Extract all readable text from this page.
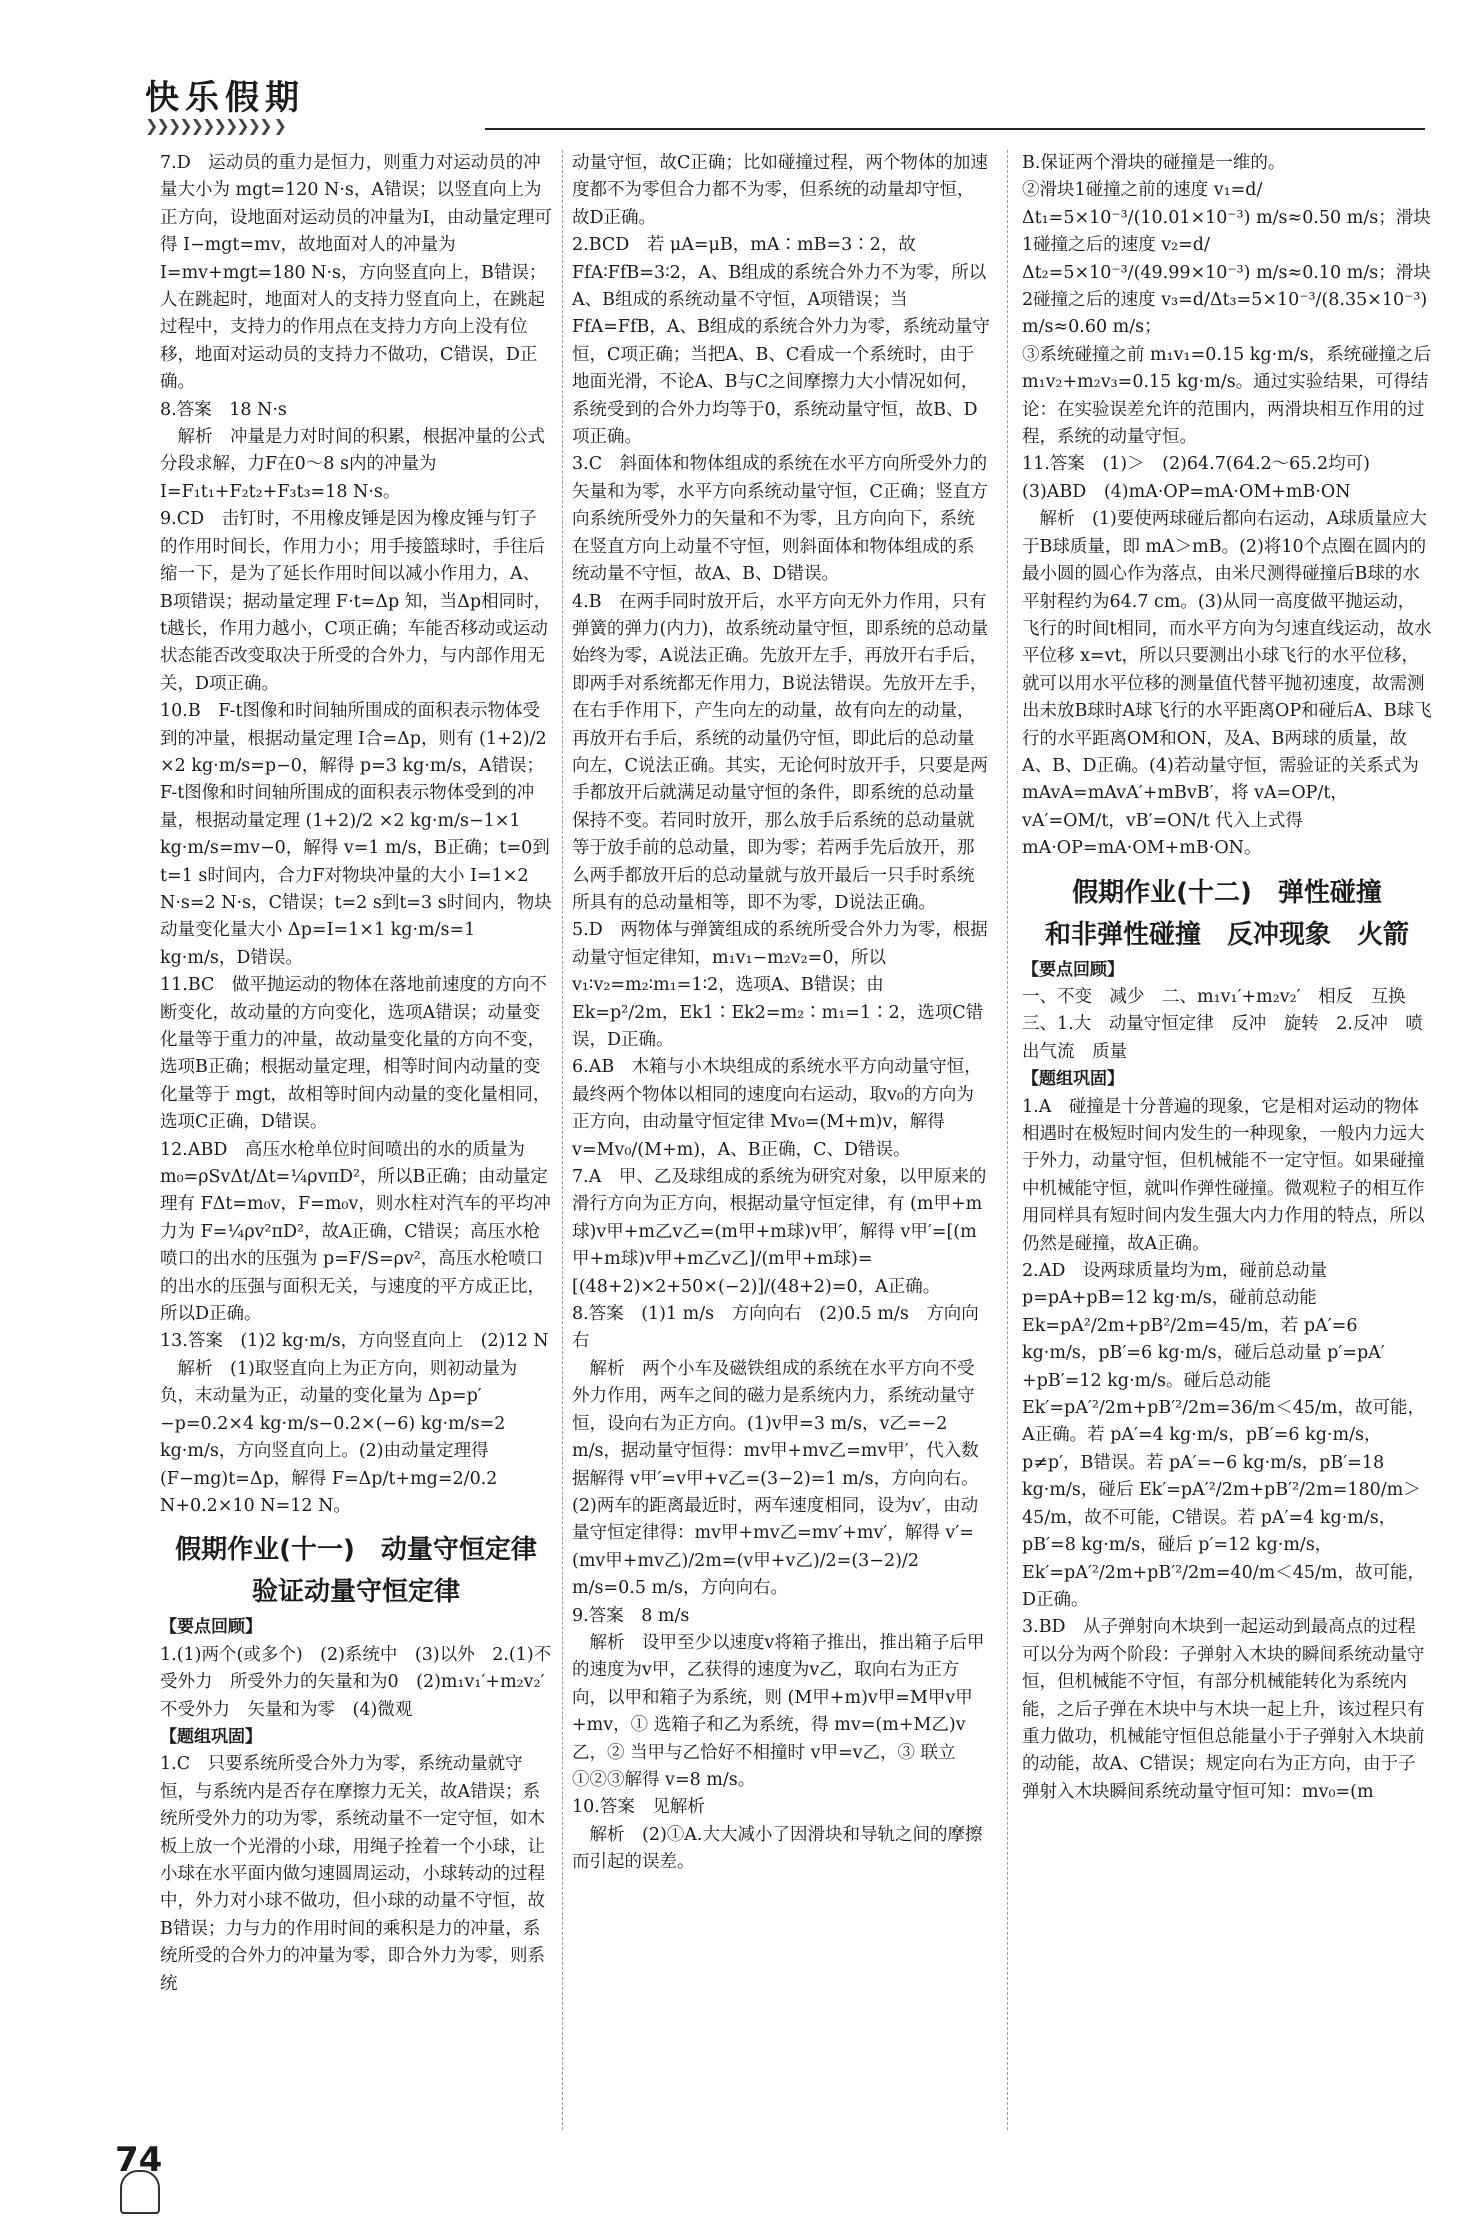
快乐假期
❯❯❯❯❯❯❯❯❯❯❯ ❯

7.D　运动员的重力是恒力，则重力对运动员的冲量大小为 mgt=120 N·s，A错误；以竖直向上为正方向，设地面对运动员的冲量为I，由动量定理可得 I−mgt=mv，故地面对人的冲量为 I=mv+mgt=180 N·s，方向竖直向上，B错误；人在跳起时，地面对人的支持力竖直向上，在跳起过程中，支持力的作用点在支持力方向上没有位移，地面对运动员的支持力不做功，C错误，D正确。

8.答案　18 N·s

　解析　冲量是力对时间的积累，根据冲量的公式分段求解，力F在0～8 s内的冲量为 I=F₁t₁+F₂t₂+F₃t₃=18 N·s。

9.CD　击钉时，不用橡皮锤是因为橡皮锤与钉子的作用时间长，作用力小；用手接篮球时，手往后缩一下，是为了延长作用时间以减小作用力，A、B项错误；据动量定理 F·t=Δp 知，当Δp相同时，t越长，作用力越小，C项正确；车能否移动或运动状态能否改变取决于所受的合外力，与内部作用无关，D项正确。

10.B　F-t图像和时间轴所围成的面积表示物体受到的冲量，根据动量定理 I合=Δp，则有 (1+2)/2 ×2 kg·m/s=p−0，解得 p=3 kg·m/s，A错误；F-t图像和时间轴所围成的面积表示物体受到的冲量，根据动量定理 (1+2)/2 ×2 kg·m/s−1×1 kg·m/s=mv−0，解得 v=1 m/s，B正确；t=0到t=1 s时间内，合力F对物块冲量的大小 I=1×2 N·s=2 N·s，C错误；t=2 s到t=3 s时间内，物块动量变化量大小 Δp=I=1×1 kg·m/s=1 kg·m/s，D错误。

11.BC　做平抛运动的物体在落地前速度的方向不断变化，故动量的方向变化，选项A错误；动量变化量等于重力的冲量，故动量变化量的方向不变，选项B正确；根据动量定理，相等时间内动量的变化量等于 mgt，故相等时间内动量的变化量相同，选项C正确，D错误。

12.ABD　高压水枪单位时间喷出的水的质量为 m₀=ρSvΔt/Δt=¼ρvπD²，所以B正确；由动量定理有 FΔt=m₀v，F=m₀v，则水柱对汽车的平均冲力为 F=¼ρv²πD²，故A正确，C错误；高压水枪喷口的出水的压强为 p=F/S=ρv²，高压水枪喷口的出水的压强与面积无关，与速度的平方成正比，所以D正确。

13.答案　(1)2 kg·m/s，方向竖直向上　(2)12 N

　解析　(1)取竖直向上为正方向，则初动量为负，末动量为正，动量的变化量为 Δp=p′−p=0.2×4 kg·m/s−0.2×(−6) kg·m/s=2 kg·m/s，方向竖直向上。(2)由动量定理得 (F−mg)t=Δp，解得 F=Δp/t+mg=2/0.2 N+0.2×10 N=12 N。

假期作业(十一)　动量守恒定律
验证动量守恒定律

【要点回顾】

1.(1)两个(或多个)　(2)系统中　(3)以外　2.(1)不受外力　所受外力的矢量和为0　(2)m₁v₁′+m₂v₂′　不受外力　矢量和为零　(4)微观

【题组巩固】

1.C　只要系统所受合外力为零，系统动量就守恒，与系统内是否存在摩擦力无关，故A错误；系统所受外力的功为零，系统动量不一定守恒，如木板上放一个光滑的小球，用绳子拴着一个小球，让小球在水平面内做匀速圆周运动，小球转动的过程中，外力对小球不做功，但小球的动量不守恒，故B错误；力与力的作用时间的乘积是力的冲量，系统所受的合外力的冲量为零，即合外力为零，则系统

动量守恒，故C正确；比如碰撞过程，两个物体的加速度都不为零但合力都不为零，但系统的动量却守恒，故D正确。

2.BCD　若 μA=μB，mA∶mB=3∶2，故 FfA∶FfB=3∶2，A、B组成的系统合外力不为零，所以A、B组成的系统动量不守恒，A项错误；当 FfA=FfB，A、B组成的系统合外力为零，系统动量守恒，C项正确；当把A、B、C看成一个系统时，由于地面光滑，不论A、B与C之间摩擦力大小情况如何，系统受到的合外力均等于0，系统动量守恒，故B、D项正确。

3.C　斜面体和物体组成的系统在水平方向所受外力的矢量和为零，水平方向系统动量守恒，C正确；竖直方向系统所受外力的矢量和不为零，且方向向下，系统在竖直方向上动量不守恒，则斜面体和物体组成的系统动量不守恒，故A、B、D错误。

4.B　在两手同时放开后，水平方向无外力作用，只有弹簧的弹力(内力)，故系统动量守恒，即系统的总动量始终为零，A说法正确。先放开左手，再放开右手后，即两手对系统都无作用力，B说法错误。先放开左手，在右手作用下，产生向左的动量，故有向左的动量，再放开右手后，系统的动量仍守恒，即此后的总动量向左，C说法正确。其实，无论何时放开手，只要是两手都放开后就满足动量守恒的条件，即系统的总动量保持不变。若同时放开，那么放手后系统的总动量就等于放手前的总动量，即为零；若两手先后放开，那么两手都放开后的总动量就与放开最后一只手时系统所具有的总动量相等，即不为零，D说法正确。

5.D　两物体与弹簧组成的系统所受合外力为零，根据动量守恒定律知，m₁v₁−m₂v₂=0，所以 v₁∶v₂=m₂∶m₁=1∶2，选项A、B错误；由 Ek=p²/2m，Ek1∶Ek2=m₂∶m₁=1∶2，选项C错误，D正确。

6.AB　木箱与小木块组成的系统水平方向动量守恒，最终两个物体以相同的速度向右运动，取v₀的方向为正方向，由动量守恒定律 Mv₀=(M+m)v，解得 v=Mv₀/(M+m)，A、B正确，C、D错误。

7.A　甲、乙及球组成的系统为研究对象，以甲原来的滑行方向为正方向，根据动量守恒定律，有 (m甲+m球)v甲+m乙v乙=(m甲+m球)v甲′，解得 v甲′=[(m甲+m球)v甲+m乙v乙]/(m甲+m球)=[(48+2)×2+50×(−2)]/(48+2)=0，A正确。

8.答案　(1)1 m/s　方向向右　(2)0.5 m/s　方向向右

　解析　两个小车及磁铁组成的系统在水平方向不受外力作用，两车之间的磁力是系统内力，系统动量守恒，设向右为正方向。(1)v甲=3 m/s，v乙=−2 m/s，据动量守恒得：mv甲+mv乙=mv甲′，代入数据解得 v甲′=v甲+v乙=(3−2)=1 m/s，方向向右。(2)两车的距离最近时，两车速度相同，设为v′，由动量守恒定律得：mv甲+mv乙=mv′+mv′，解得 v′=(mv甲+mv乙)/2m=(v甲+v乙)/2=(3−2)/2 m/s=0.5 m/s，方向向右。

9.答案　8 m/s

　解析　设甲至少以速度v将箱子推出，推出箱子后甲的速度为v甲，乙获得的速度为v乙，取向右为正方向，以甲和箱子为系统，则 (M甲+m)v甲=M甲v甲+mv，① 选箱子和乙为系统，得 mv=(m+M乙)v乙，② 当甲与乙恰好不相撞时 v甲=v乙，③ 联立①②③解得 v=8 m/s。

10.答案　见解析

　解析　(2)①A.大大减小了因滑块和导轨之间的摩擦而引起的误差。

B.保证两个滑块的碰撞是一维的。

②滑块1碰撞之前的速度 v₁=d/Δt₁=5×10⁻³/(10.01×10⁻³) m/s≈0.50 m/s；滑块1碰撞之后的速度 v₂=d/Δt₂=5×10⁻³/(49.99×10⁻³) m/s≈0.10 m/s；滑块2碰撞之后的速度 v₃=d/Δt₃=5×10⁻³/(8.35×10⁻³) m/s≈0.60 m/s；

③系统碰撞之前 m₁v₁=0.15 kg·m/s，系统碰撞之后 m₁v₂+m₂v₃=0.15 kg·m/s。通过实验结果，可得结论：在实验误差允许的范围内，两滑块相互作用的过程，系统的动量守恒。

11.答案　(1)＞　(2)64.7(64.2～65.2均可)　(3)ABD　(4)mA·OP=mA·OM+mB·ON

　解析　(1)要使两球碰后都向右运动，A球质量应大于B球质量，即 mA＞mB。(2)将10个点圈在圆内的最小圆的圆心作为落点，由米尺测得碰撞后B球的水平射程约为64.7 cm。(3)从同一高度做平抛运动，飞行的时间t相同，而水平方向为匀速直线运动，故水平位移 x=vt，所以只要测出小球飞行的水平位移，就可以用水平位移的测量值代替平抛初速度，故需测出未放B球时A球飞行的水平距离OP和碰后A、B球飞行的水平距离OM和ON，及A、B两球的质量，故A、B、D正确。(4)若动量守恒，需验证的关系式为 mAvA=mAvA′+mBvB′，将 vA=OP/t，vA′=OM/t，vB′=ON/t 代入上式得 mA·OP=mA·OM+mB·ON。

假期作业(十二)　弹性碰撞
和非弹性碰撞　反冲现象　火箭

【要点回顾】

一、不变　减少　二、m₁v₁′+m₂v₂′　相反　互换　三、1.大　动量守恒定律　反冲　旋转　2.反冲　喷出气流　质量

【题组巩固】

1.A　碰撞是十分普遍的现象，它是相对运动的物体相遇时在极短时间内发生的一种现象，一般内力远大于外力，动量守恒，但机械能不一定守恒。如果碰撞中机械能守恒，就叫作弹性碰撞。微观粒子的相互作用同样具有短时间内发生强大内力作用的特点，所以仍然是碰撞，故A正确。

2.AD　设两球质量均为m，碰前总动量 p=pA+pB=12 kg·m/s，碰前总动能 Ek=pA²/2m+pB²/2m=45/m，若 pA′=6 kg·m/s，pB′=6 kg·m/s，碰后总动量 p′=pA′+pB′=12 kg·m/s。碰后总动能 Ek′=pA′²/2m+pB′²/2m=36/m＜45/m，故可能，A正确。若 pA′=4 kg·m/s，pB′=6 kg·m/s，p≠p′，B错误。若 pA′=−6 kg·m/s，pB′=18 kg·m/s，碰后 Ek′=pA′²/2m+pB′²/2m=180/m＞45/m，故不可能，C错误。若 pA′=4 kg·m/s，pB′=8 kg·m/s，碰后 p′=12 kg·m/s，Ek′=pA′²/2m+pB′²/2m=40/m＜45/m，故可能，D正确。

3.BD　从子弹射向木块到一起运动到最高点的过程可以分为两个阶段：子弹射入木块的瞬间系统动量守恒，但机械能不守恒，有部分机械能转化为系统内能，之后子弹在木块中与木块一起上升，该过程只有重力做功，机械能守恒但总能量小于子弹射入木块前的动能，故A、C错误；规定向右为正方向，由于子弹射入木块瞬间系统动量守恒可知：mv₀=(m

74
